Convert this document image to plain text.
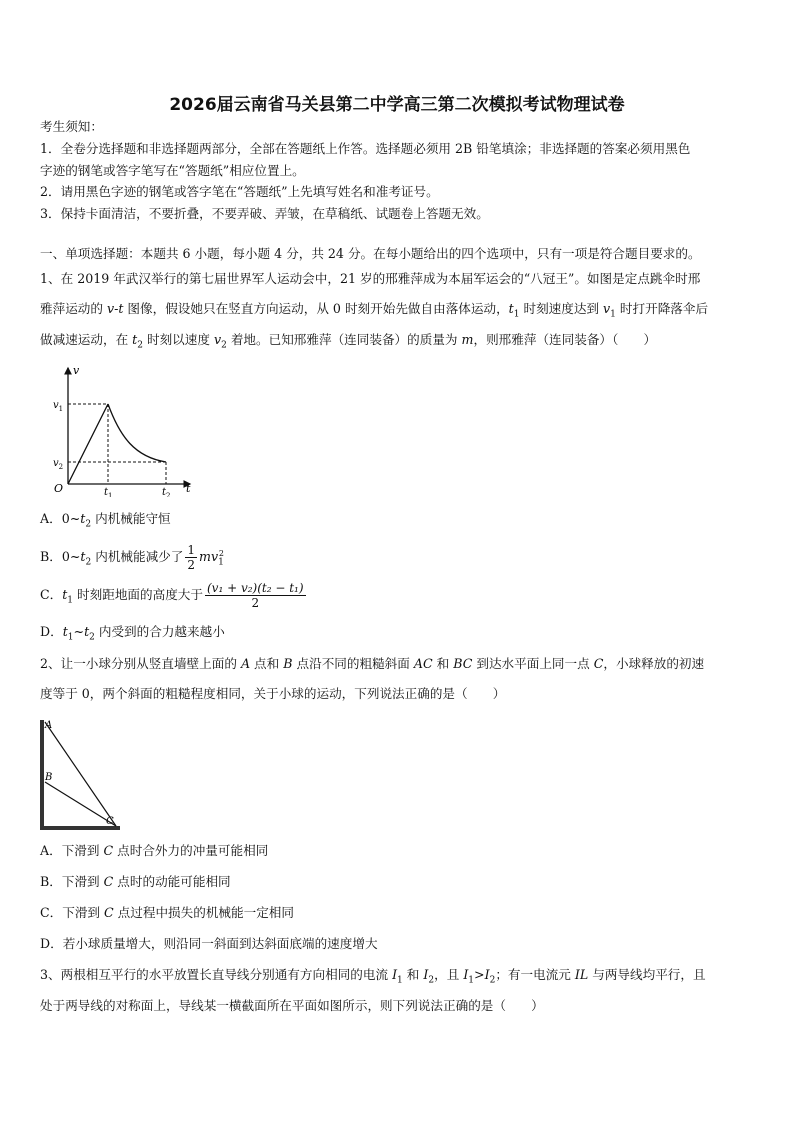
2026届云南省马关县第二中学高三第二次模拟考试物理试卷
考生须知：
1．全卷分选择题和非选择题两部分，全部在答题纸上作答。选择题必须用 2B 铅笔填涂；非选择题的答案必须用黑色
字迹的钢笔或答字笔写在“答题纸”相应位置上。
2．请用黑色字迹的钢笔或答字笔在“答题纸”上先填写姓名和准考证号。
3．保持卡面清洁，不要折叠，不要弄破、弄皱，在草稿纸、试题卷上答题无效。
一、单项选择题：本题共 6 小题，每小题 4 分，共 24 分。在每小题给出的四个选项中，只有一项是符合题目要求的。
1、在 2019 年武汉举行的第七届世界军人运动会中，21 岁的邢雅萍成为本届军运会的“八冠王”。如图是定点跳伞时邢
雅萍运动的 v-t 图像，假设她只在竖直方向运动，从 0 时刻开始先做自由落体运动，$t_1$ 时刻速度达到 $v_1$ 时打开降落伞后
做减速运动，在 $t_2$ 时刻以速度 $v_2$ 着地。已知邢雅萍（连同装备）的质量为 m，则邢雅萍（连同装备）（　　）
v
t
$v_1$
$v_2$
O	$t_1$	$t_2$
A．$0\sim t_2$ 内机械能守恒
B．$0\sim t_2$ 内机械能减少了 $\frac{1}{2} mv_1^2$
C．$t_1$ 时刻距地面的高度大于 $\frac{\text{(v₁ + v₂)(t₂ − t₁)}}{2}$
D．$t_1\sim t_2$ 内受到的合力越来越小
2、让一小球分别从竖直墙壁上面的 A 点和 B 点沿不同的粗糙斜面 AC 和 BC 到达水平面上同一点 C，小球释放的初速
度等于 0，两个斜面的粗糙程度相同，关于小球的运动，下列说法正确的是（　　）
A
B
C
A．下滑到 C 点时合外力的冲量可能相同
B．下滑到 C 点时的动能可能相同
C．下滑到 C 点过程中损失的机械能一定相同
D．若小球质量增大，则沿同一斜面到达斜面底端的速度增大
3、两根相互平行的水平放置长直导线分别通有方向相同的电流 $I_1$ 和 $I_2$，且 $I_1>I_2$；有一电流元 IL 与两导线均平行，且
处于两导线的对称面上，导线某一横截面所在平面如图所示，则下列说法正确的是（　　）
